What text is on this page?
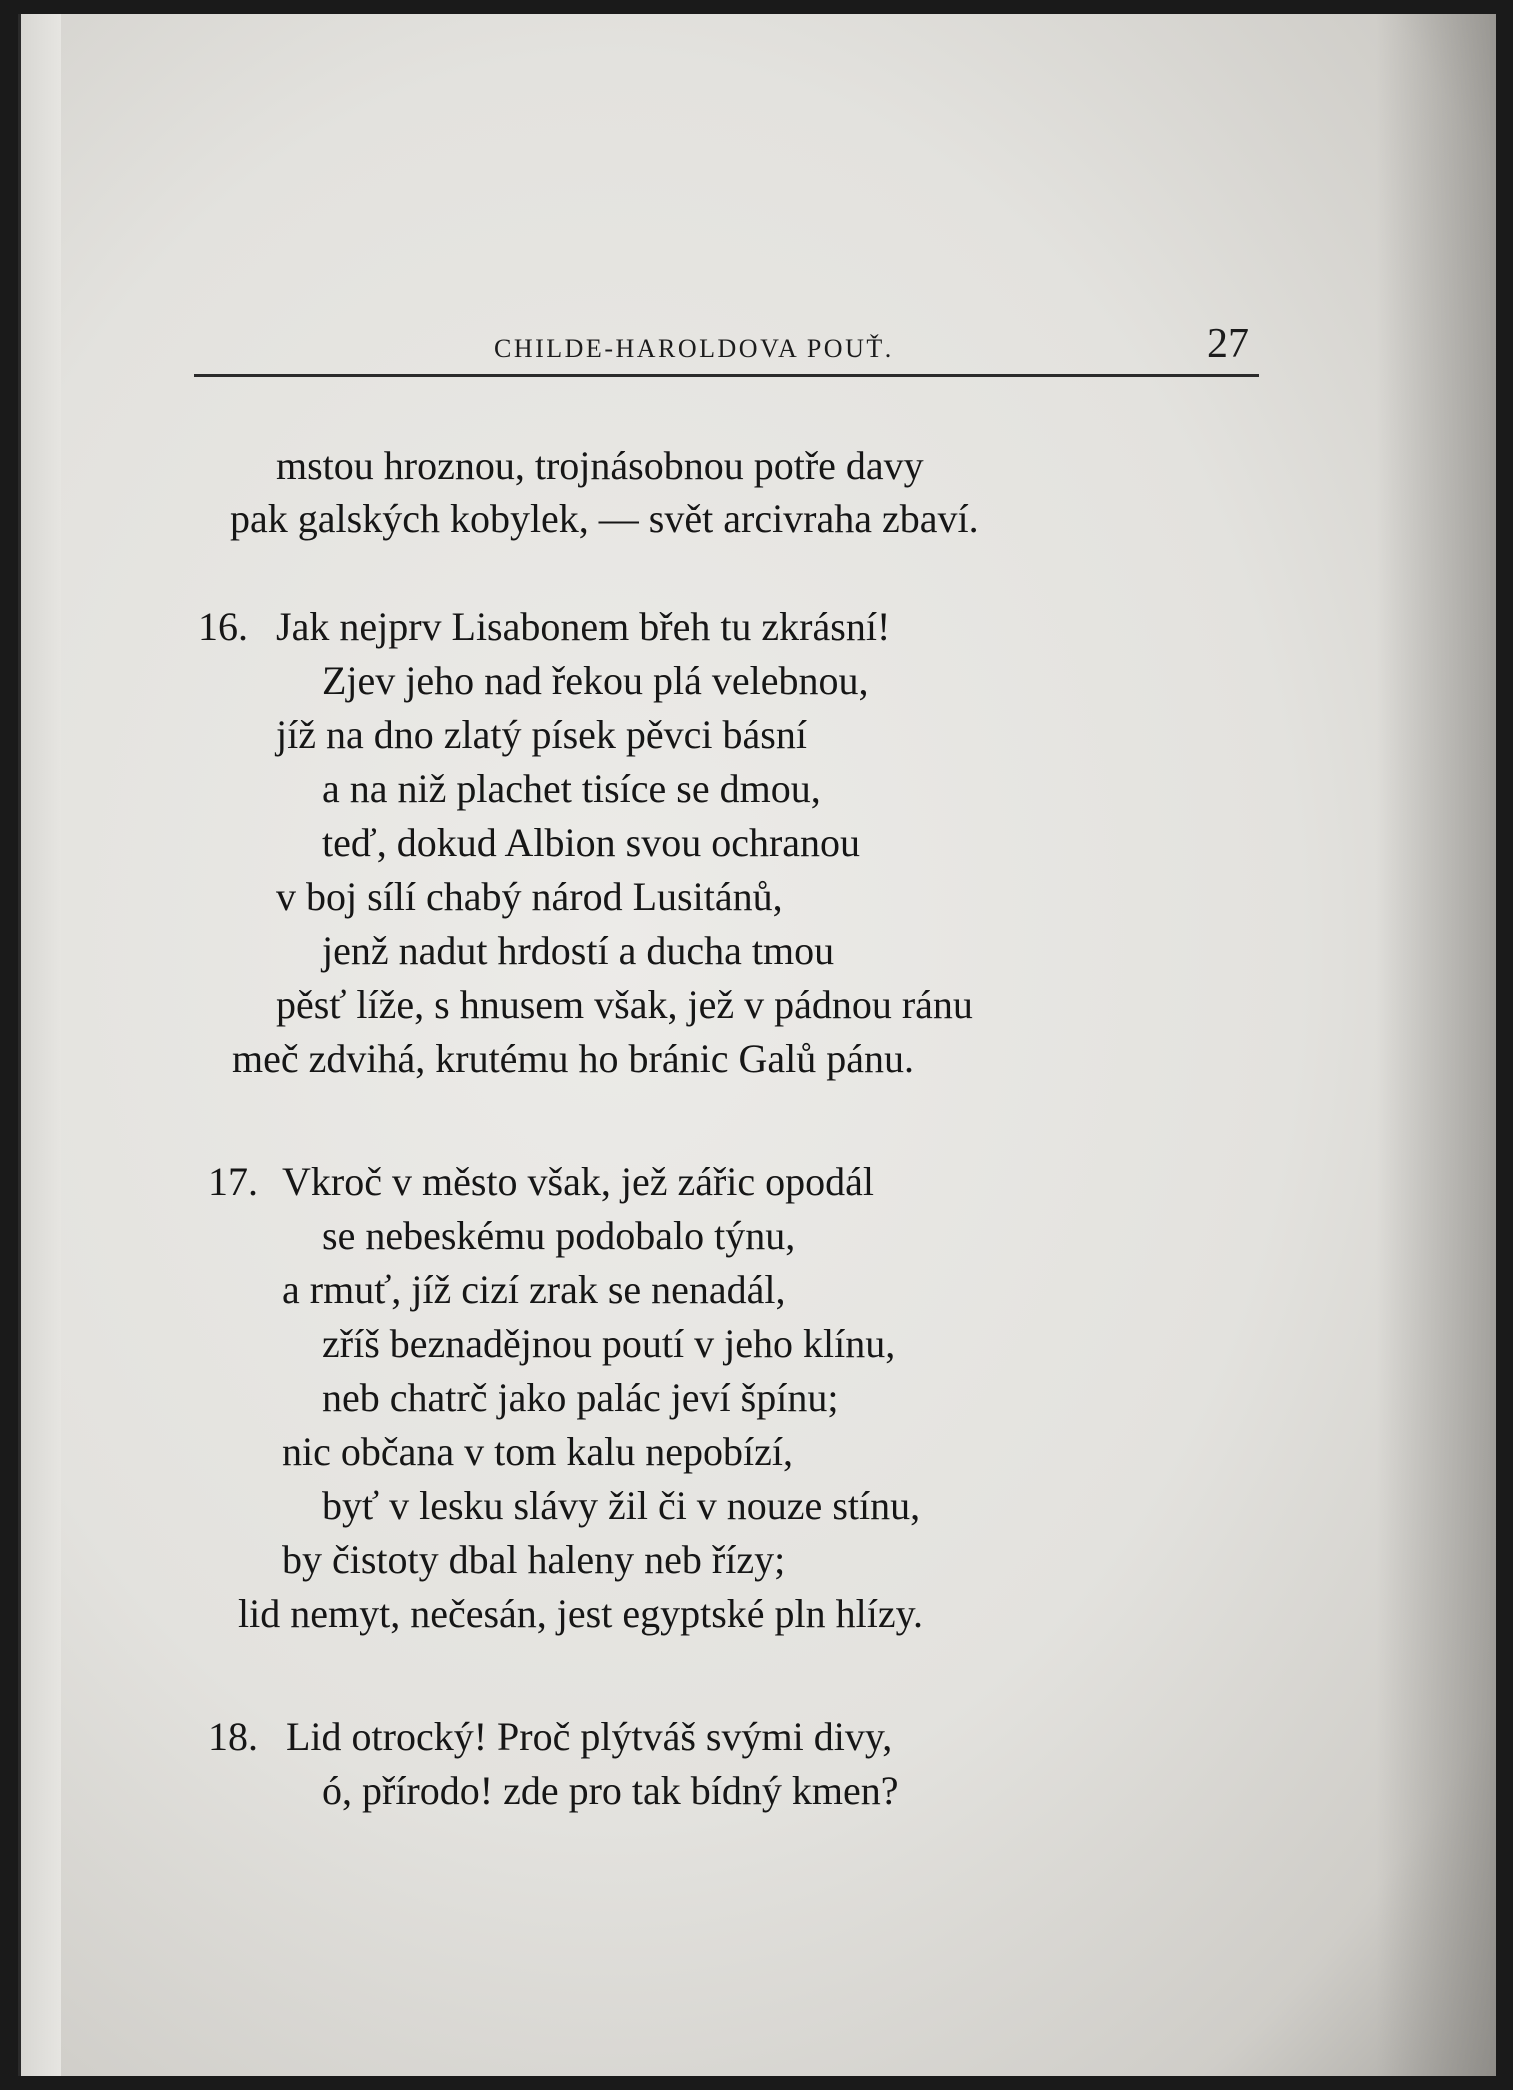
CHILDE-HAROLDOVA POUŤ.	27
mstou hroznou, trojnásobnou potře davy
pak galských kobylek, — svět arcivraha zbaví.
16. Jak nejprv Lisabonem břeh tu zkrásní!
Zjev jeho nad řekou plá velebnou,
jíž na dno zlatý písek pěvci básní
a na niž plachet tisíce se dmou,
teď, dokud Albion svou ochranou
v boj sílí chabý národ Lusitánů,
jenž nadut hrdostí a ducha tmou
pěsť líže, s hnusem však, jež v pádnou ránu
meč zdvihá, krutému ho brániс Galů pánu.
17. Vkroč v město však, jež zářic opodál
se nebeskému podobalo týnu,
a rmuť, jíž cizí zrak se nenadál,
zříš beznadějnou poutí v jeho klínu,
neb chatrč jako palác jeví špínu;
nic občana v tom kalu nepobízí,
byť v lesku slávy žil či v nouze stínu,
by čistoty dbal haleny neb řízy;
lid nemyt, nečesán, jest egyptské pln hlízy.
18. Lid otrocký! Proč plýtváš svými divy,
ó, přírodo! zde pro tak bídný kmen?
